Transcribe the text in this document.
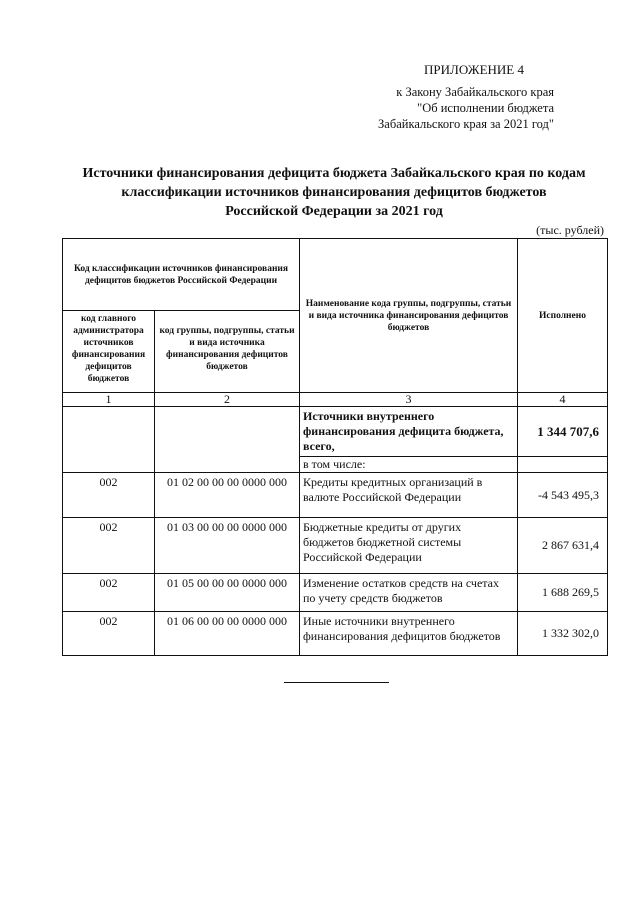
ПРИЛОЖЕНИЕ 4
к Закону Забайкальского края
"Об исполнении бюджета
Забайкальского края за 2021 год"
Источники финансирования дефицита бюджета Забайкальского края по кодам
классификации источников финансирования дефицитов бюджетов
Российской Федерации за 2021 год
(тыс. рублей)
Код классификации источников финансирования дефицитов бюджетов Российской Федерации		Наименование кода группы, подгруппы, статьи и вида источника финансирования дефицитов бюджетов	Исполнено
код главного администратора источников финансирования дефицитов бюджетов	код группы, подгруппы, статьи и вида источника финансирования дефицитов бюджетов		
1	2	3	4
		Источники внутреннего финансирования дефицита бюджета, всего,	1 344 707,6
		в том числе:	
002	01 02 00 00 00 0000 000	Кредиты кредитных организаций в валюте Российской Федерации	-4 543 495,3
002	01 03 00 00 00 0000 000	Бюджетные кредиты от других бюджетов бюджетной системы Российской Федерации	2 867 631,4
002	01 05 00 00 00 0000 000	Изменение остатков средств на счетах по учету средств бюджетов	1 688 269,5
002	01 06 00 00 00 0000 000	Иные источники внутреннего финансирования дефицитов бюджетов	1 332 302,0
